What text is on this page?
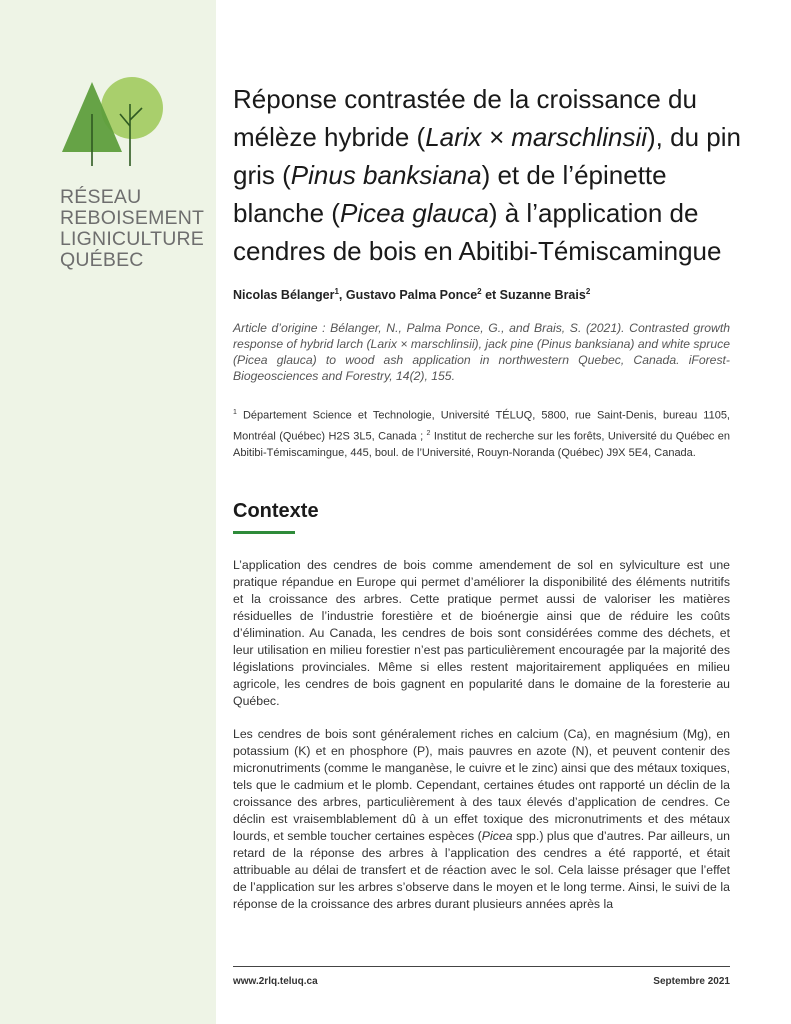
RÉSEAU
REBOISEMENT
LIGNICULTURE
QUÉBEC
Réponse contrastée de la croissance du mélèze hybride (Larix × marschlinsii), du pin gris (Pinus banksiana) et de l’épinette blanche (Picea glauca) à l’application de cendres de bois en Abitibi-Témiscamingue
Nicolas Bélanger$^1$, Gustavo Palma Ponce$^2$ et Suzanne Brais$^2$
Article d’origine : Bélanger, N., Palma Ponce, G., and Brais, S. (2021). Contrasted growth response of hybrid larch (Larix × marschlinsii), jack pine (Pinus banksiana) and white spruce (Picea glauca) to wood ash application in northwestern Quebec, Canada. iForest-Biogeosciences and Forestry, 14(2), 155.
$^1$ Département Science et Technologie, Université TÉLUQ, 5800, rue Saint-Denis, bureau 1105, Montréal (Québec) H2S 3L5, Canada ; $^2$ Institut de recherche sur les forêts, Université du Québec en Abitibi-Témiscamingue, 445, boul. de l’Université, Rouyn-Noranda (Québec) J9X 5E4, Canada.
Contexte

L’application des cendres de bois comme amendement de sol en sylviculture est une pratique répandue en Europe qui permet d’améliorer la disponibilité des éléments nutritifs et la croissance des arbres. Cette pratique permet aussi de valoriser les matières résiduelles de l’industrie forestière et de bioénergie ainsi que de réduire les coûts d’élimination. Au Canada, les cendres de bois sont considérées comme des déchets, et leur utilisation en milieu forestier n’est pas particulièrement encouragée par la majorité des législations provinciales. Même si elles restent majoritairement appliquées en milieu agricole, les cendres de bois gagnent en popularité dans le domaine de la foresterie au Québec.

Les cendres de bois sont généralement riches en calcium (Ca), en magnésium (Mg), en potassium (K) et en phosphore (P), mais pauvres en azote (N), et peuvent contenir des micronutriments (comme le manganèse, le cuivre et le zinc) ainsi que des métaux toxiques, tels que le cadmium et le plomb. Cependant, certaines études ont rapporté un déclin de la croissance des arbres, particulièrement à des taux élevés d’application de cendres. Ce déclin est vraisemblablement dû à un effet toxique des micronutriments et des métaux lourds, et semble toucher certaines espèces (Picea spp.) plus que d’autres. Par ailleurs, un retard de la réponse des arbres à l’application des cendres a été rapporté, et était attribuable au délai de transfert et de réaction avec le sol. Cela laisse présager que l’effet de l’application sur les arbres s’observe dans le moyen et le long terme. Ainsi, le suivi de la réponse de la croissance des arbres durant plusieurs années après la

www.2rlq.teluq.ca	Septembre 2021
